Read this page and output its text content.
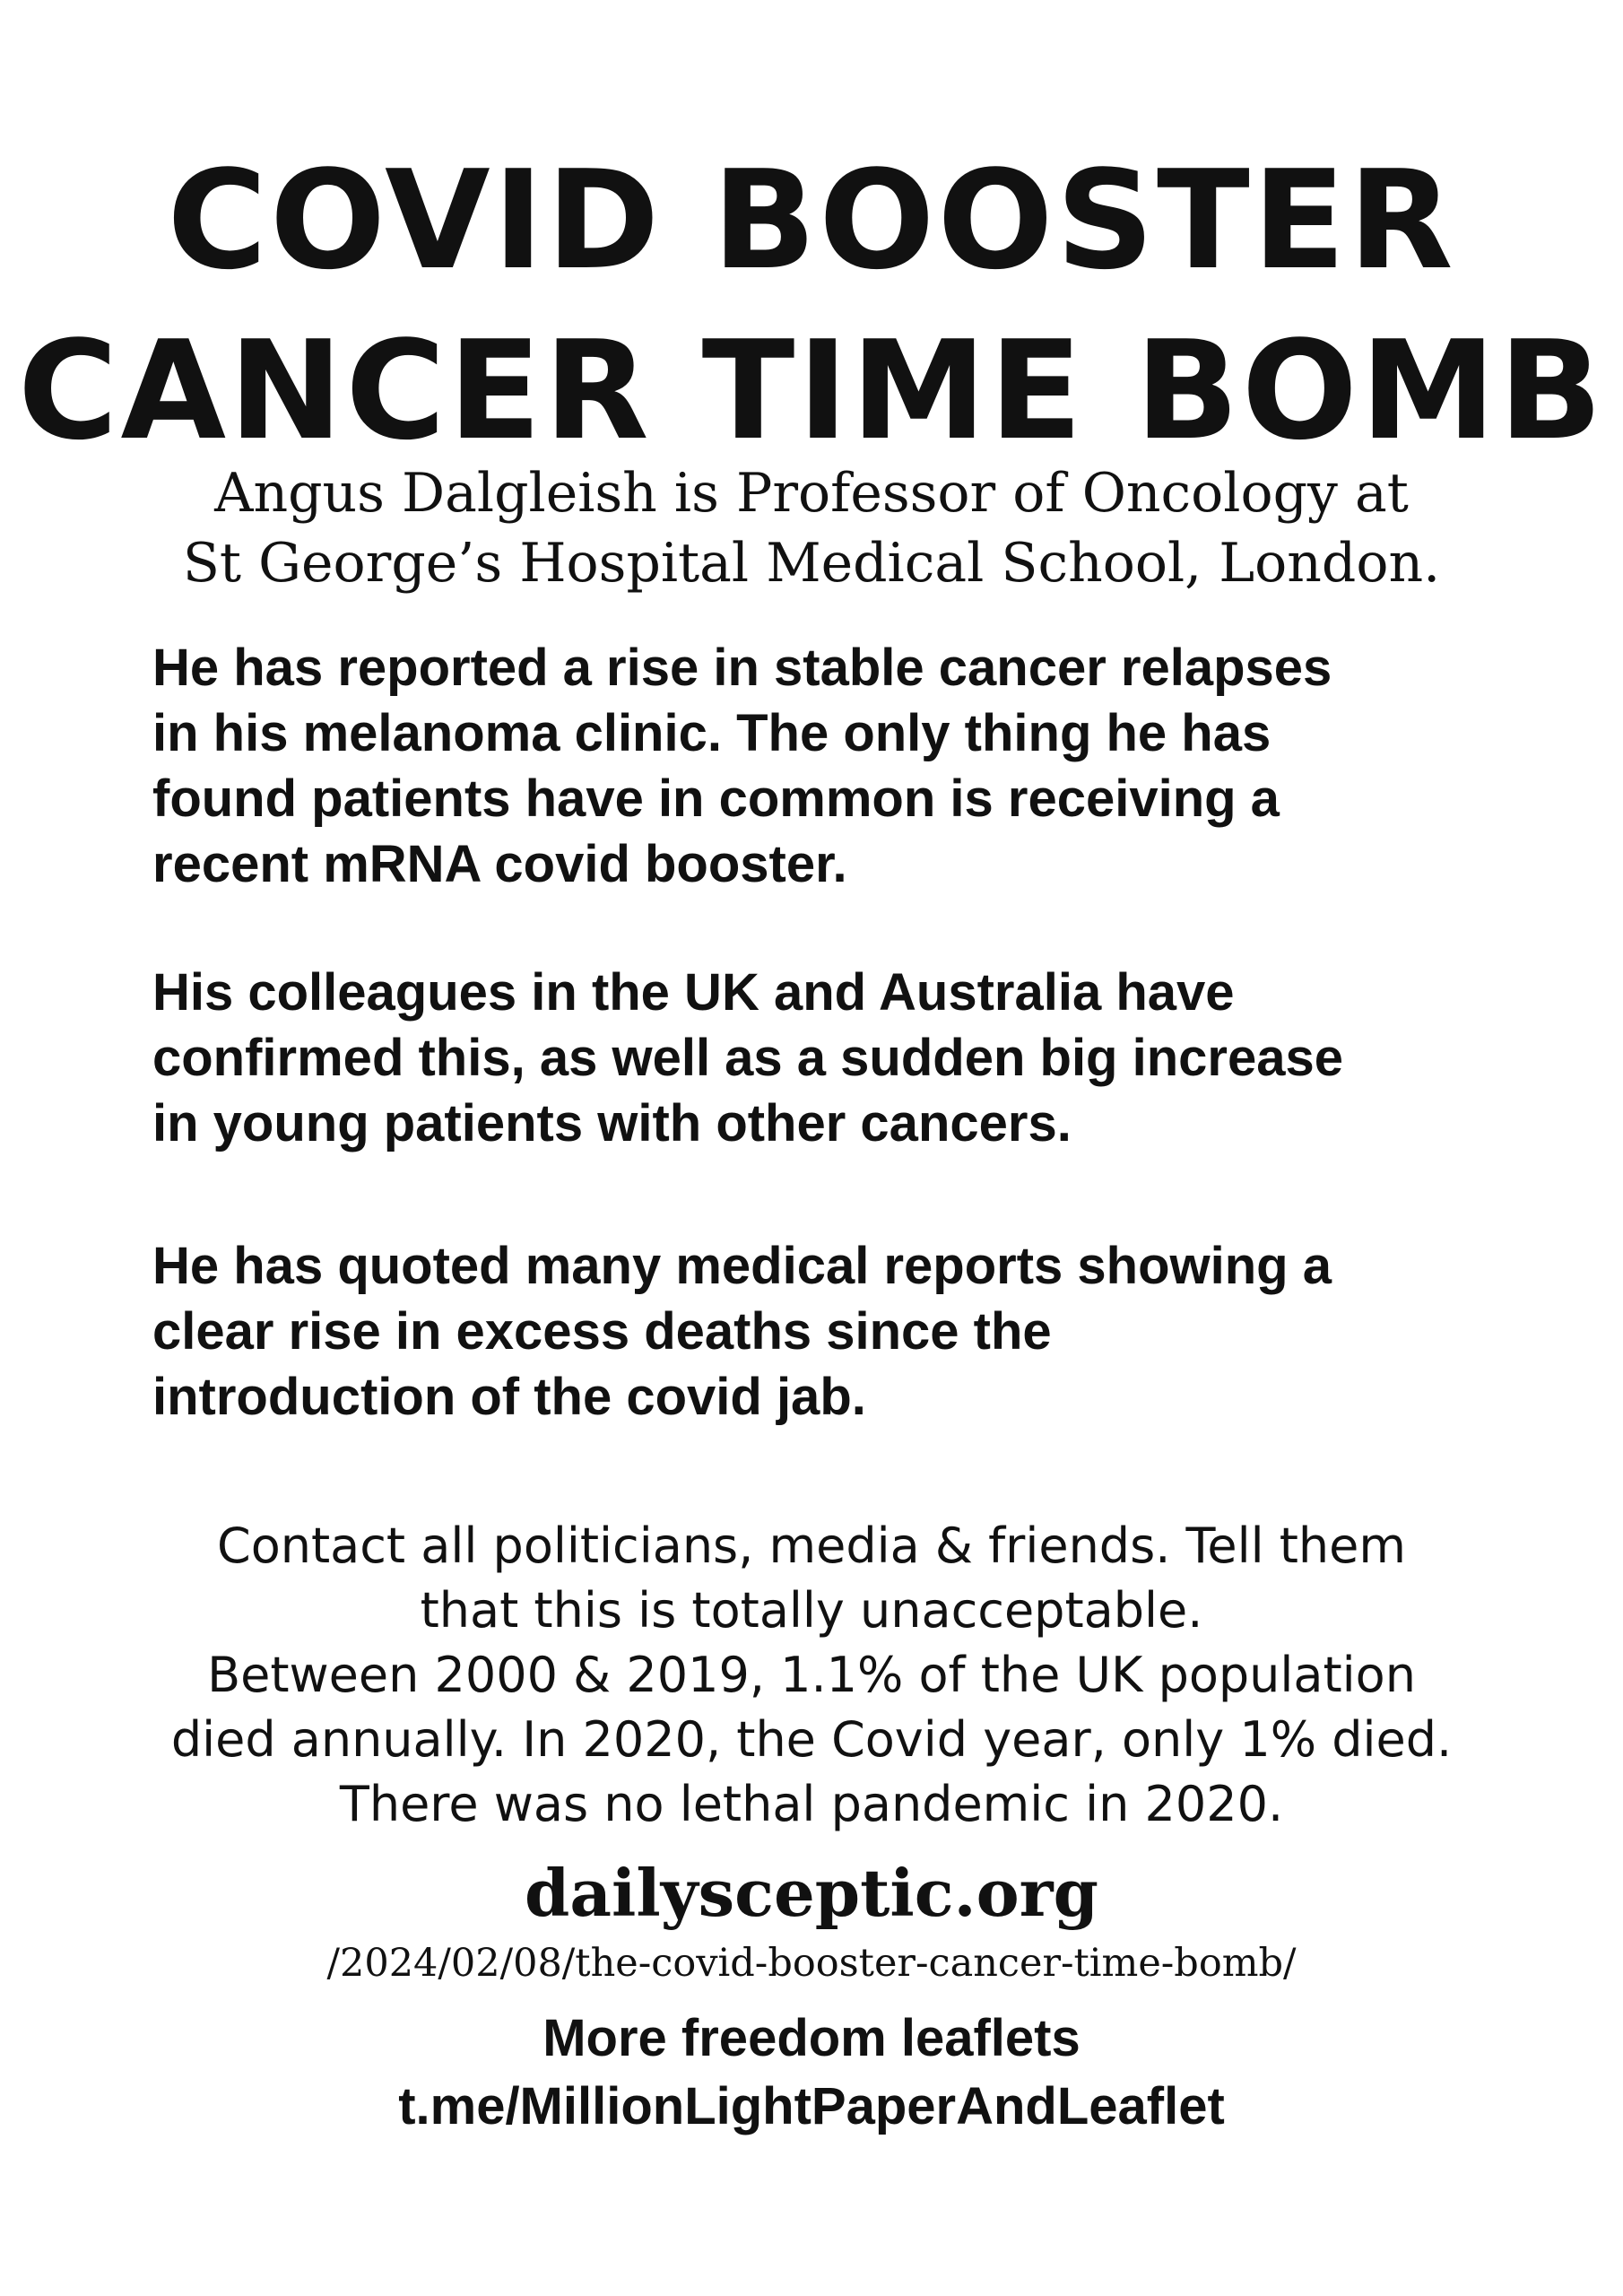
COVID BOOSTER
CANCER TIME BOMB

Angus Dalgleish is Professor of Oncology at

St George’s Hospital Medical School, London.

He has reported a rise in stable cancer relapses
in his melanoma clinic. The only thing he has
found patients have in common is receiving a
recent mRNA covid booster.

His colleagues in the UK and Australia have
confirmed this, as well as a sudden big increase
in young patients with other cancers.

He has quoted many medical reports showing a
clear rise in excess deaths since the
introduction of the covid jab.

Contact all politicians, media & friends. Tell them
that this is totally unacceptable.
Between 2000 & 2019, 1.1% of the UK population
died annually. In 2020, the Covid year, only 1% died.
There was no lethal pandemic in 2020.

dailysceptic.org

/2024/02/08/the-covid-booster-cancer-time-bomb/

More freedom leaflets

t.me/MillionLightPaperAndLeaflet
